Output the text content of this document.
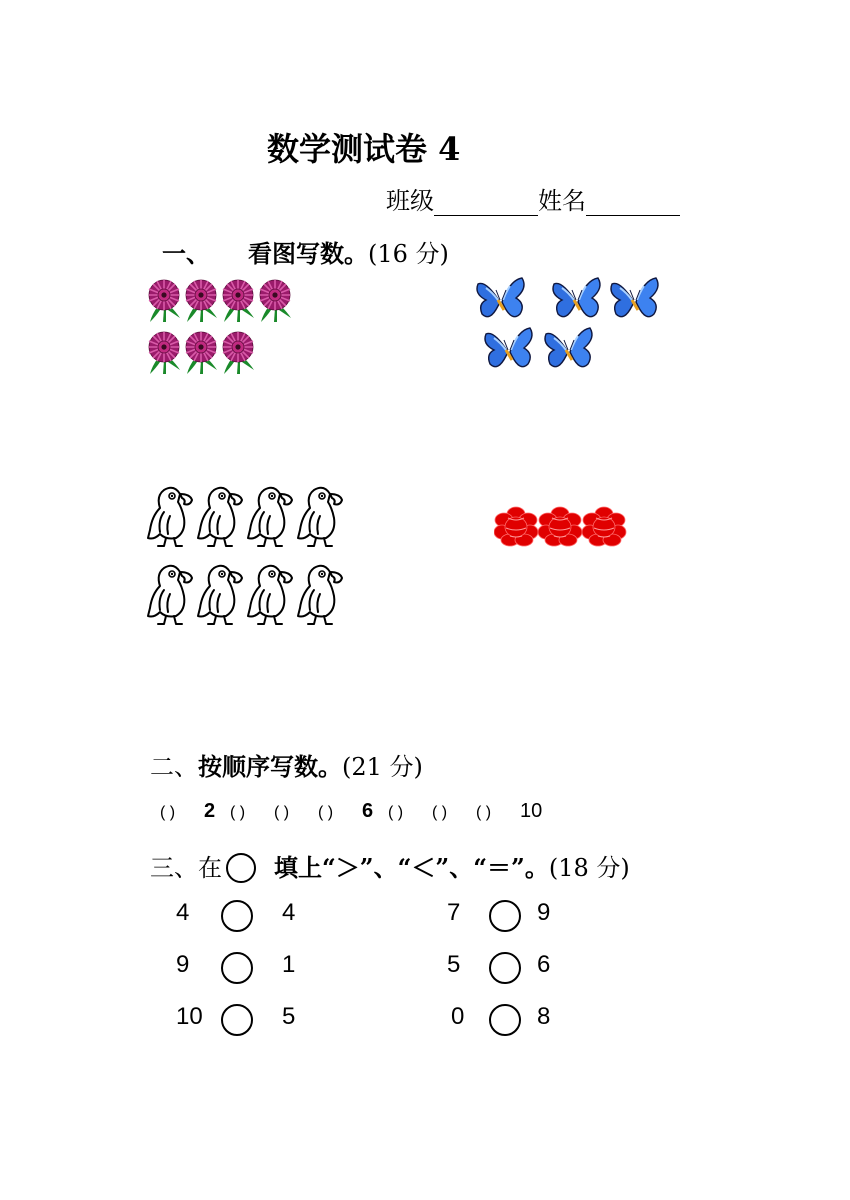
数学测试卷 4
班级	姓名
一、 看图写数。(16 分)
二、按顺序写数。(21 分)
( ) 2 ( ) ( ) ( ) 6 ( ) ( ) ( ) 10
三、在 填上“＞”、“＜”、“＝”。(18 分)
4	4	7	9
9	1	5	6
10	5	0	8
